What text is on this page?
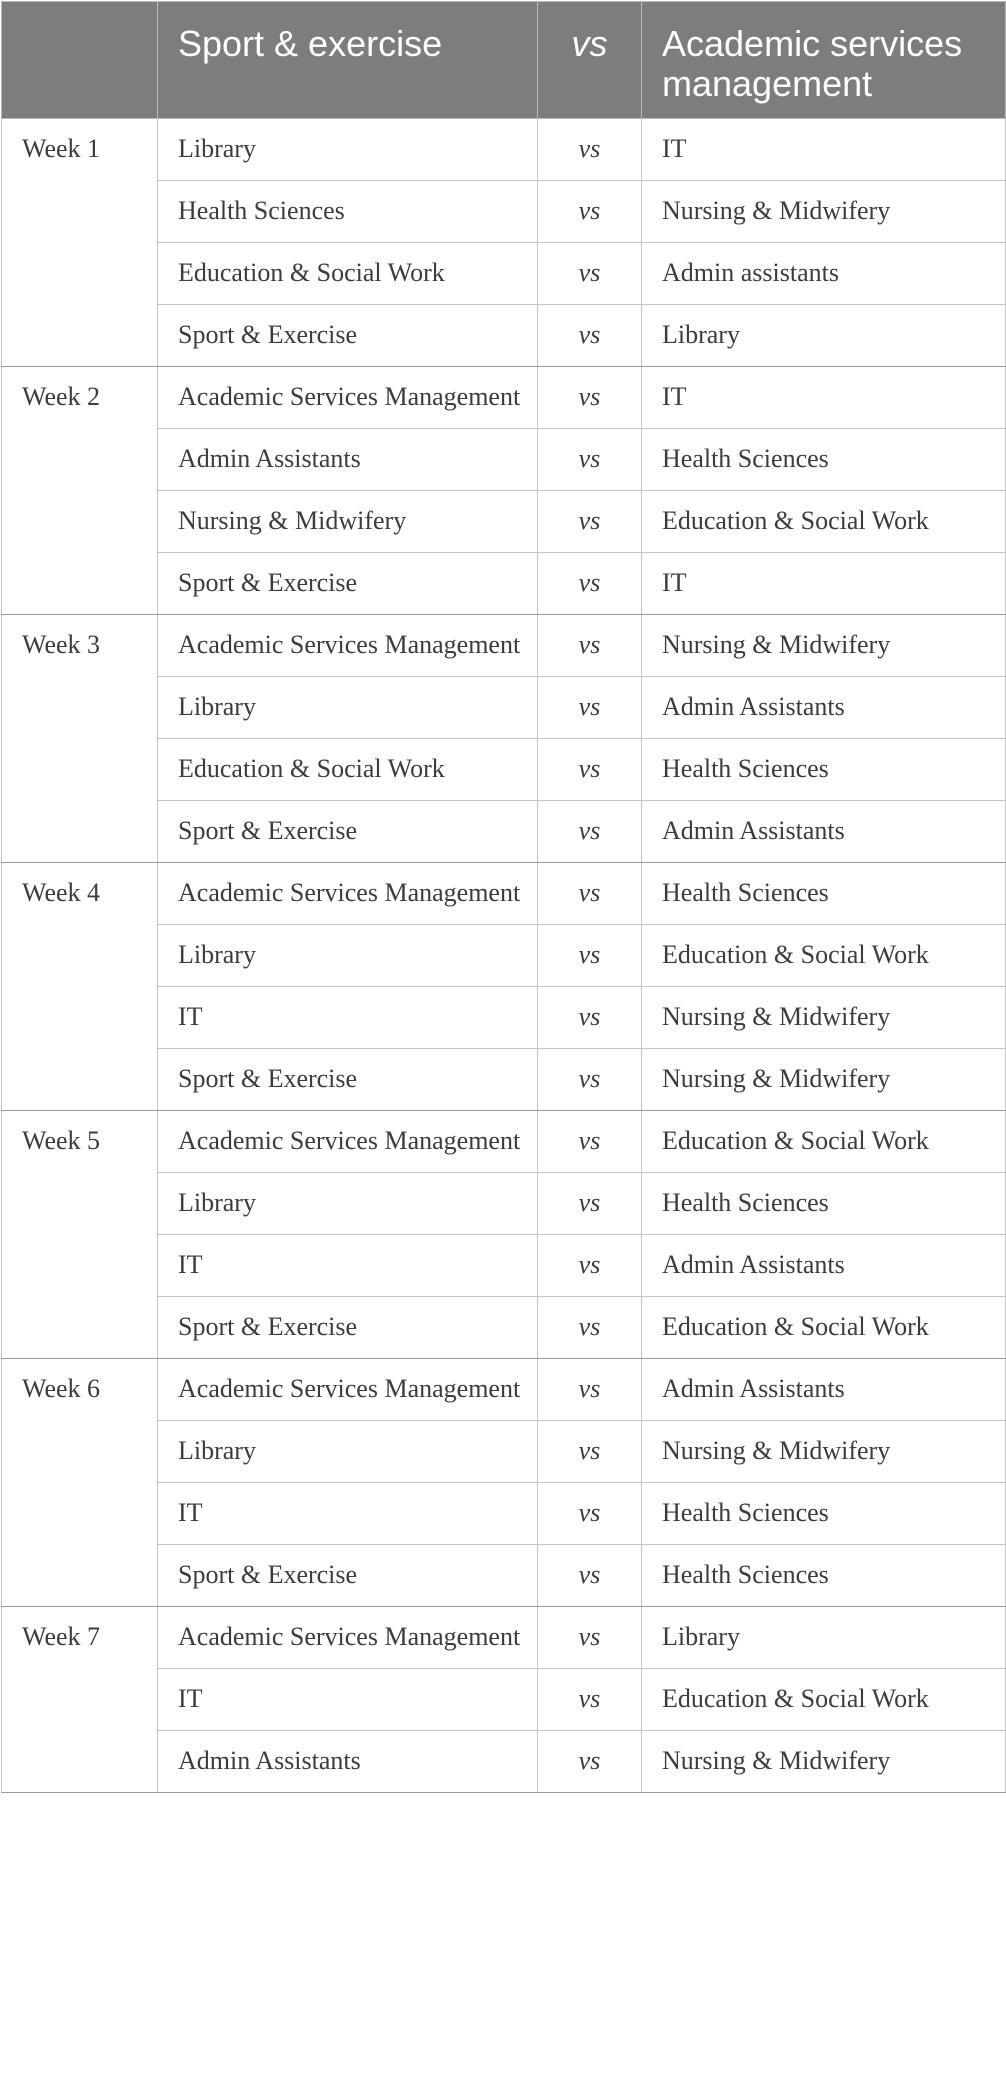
	Sport & exercise	vs	Academic services management
Week 1	Library	vs	IT
	Health Sciences	vs	Nursing & Midwifery
	Education & Social Work	vs	Admin assistants
	Sport & Exercise	vs	Library
Week 2	Academic Services Management	vs	IT
	Admin Assistants	vs	Health Sciences
	Nursing & Midwifery	vs	Education & Social Work
	Sport & Exercise	vs	IT
Week 3	Academic Services Management	vs	Nursing & Midwifery
	Library	vs	Admin Assistants
	Education & Social Work	vs	Health Sciences
	Sport & Exercise	vs	Admin Assistants
Week 4	Academic Services Management	vs	Health Sciences
	Library	vs	Education & Social Work
	IT	vs	Nursing & Midwifery
	Sport & Exercise	vs	Nursing & Midwifery
Week 5	Academic Services Management	vs	Education & Social Work
	Library	vs	Health Sciences
	IT	vs	Admin Assistants
	Sport & Exercise	vs	Education & Social Work
Week 6	Academic Services Management	vs	Admin Assistants
	Library	vs	Nursing & Midwifery
	IT	vs	Health Sciences
	Sport & Exercise	vs	Health Sciences
Week 7	Academic Services Management	vs	Library
	IT	vs	Education & Social Work
	Admin Assistants	vs	Nursing & Midwifery
